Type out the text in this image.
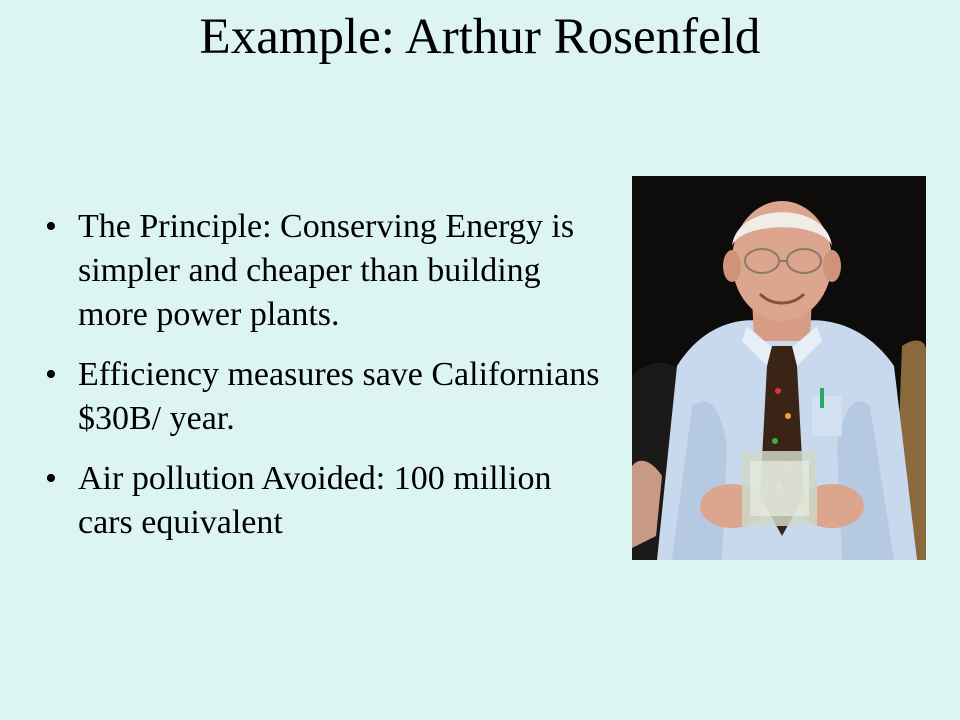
Example: Arthur Rosenfeld
• The Principle: Conserving Energy is simpler and cheaper than building more power plants.
• Efficiency measures save Californians $30B/ year.
• Air pollution Avoided: 100 million cars equivalent
